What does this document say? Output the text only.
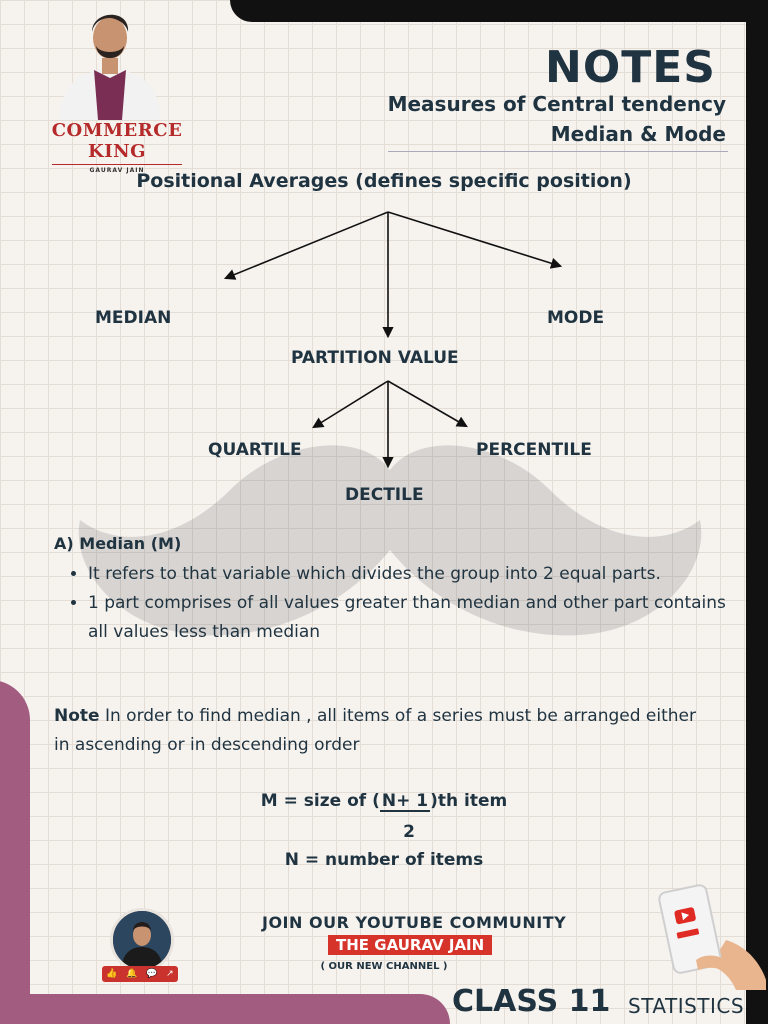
COMMERCE KING
GAURAV JAIN
NOTES
Measures of Central tendency
Median & Mode
Positional Averages (defines specific position)
MEDIAN	MODE
PARTITION VALUE
QUARTILE	PERCENTILE
DECTILE
A) Median (M)
• It refers to that variable which divides the group into 2 equal parts.
• 1 part comprises of all values greater than median and other part contains all values less than median
Note In order to find median , all items of a series must be arranged either in ascending or in descending order
M = size of ( N+ 1 )th item
2
N = number of items
👍 🔔 💬 ↗
JOIN OUR YOUTUBE COMMUNITY
THE GAURAV JAIN
( OUR NEW CHANNEL )
CLASS 11 STATISTICS
